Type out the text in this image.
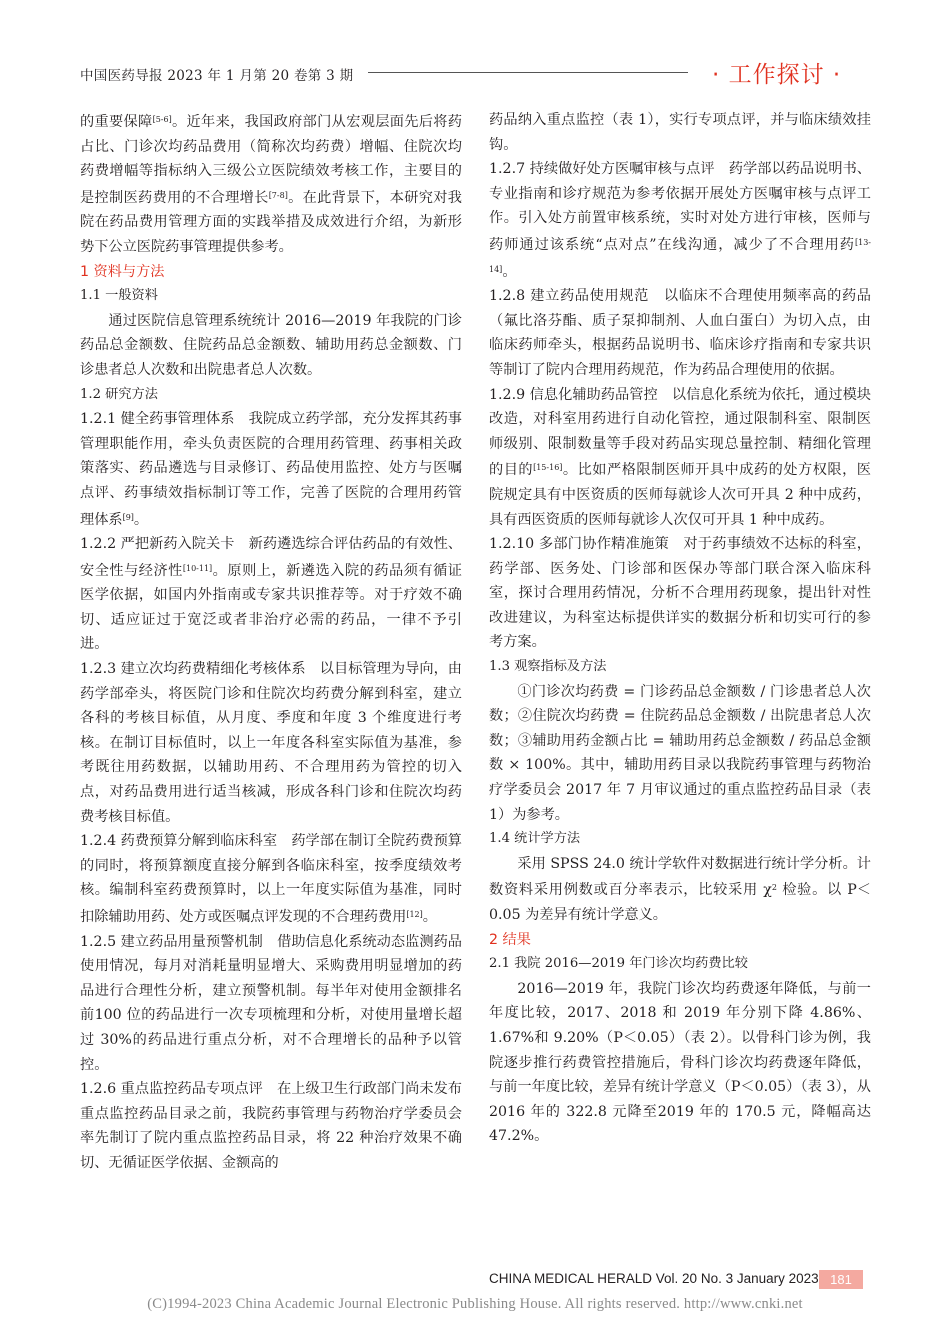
中国医药导报 2023 年 1 月第 20 卷第 3 期	· 工作探讨 ·

的重要保障[5-6]。近年来，我国政府部门从宏观层面先后将药占比、门诊次均药品费用（简称次均药费）增幅、住院次均药费增幅等指标纳入三级公立医院绩效考核工作，主要目的是控制医药费用的不合理增长[7-8]。在此背景下，本研究对我院在药品费用管理方面的实践举措及成效进行介绍，为新形势下公立医院药事管理提供参考。

1 资料与方法

1.1 一般资料

通过医院信息管理系统统计 2016—2019 年我院的门诊药品总金额数、住院药品总金额数、辅助用药总金额数、门诊患者总人次数和出院患者总人次数。

1.2 研究方法

1.2.1 健全药事管理体系　我院成立药学部，充分发挥其药事管理职能作用，牵头负责医院的合理用药管理、药事相关政策落实、药品遴选与目录修订、药品使用监控、处方与医嘱点评、药事绩效指标制订等工作，完善了医院的合理用药管理体系[9]。

1.2.2 严把新药入院关卡　新药遴选综合评估药品的有效性、安全性与经济性[10-11]。原则上，新遴选入院的药品须有循证医学依据，如国内外指南或专家共识推荐等。对于疗效不确切、适应证过于宽泛或者非治疗必需的药品，一律不予引进。

1.2.3 建立次均药费精细化考核体系　以目标管理为导向，由药学部牵头，将医院门诊和住院次均药费分解到科室，建立各科的考核目标值，从月度、季度和年度 3 个维度进行考核。在制订目标值时，以上一年度各科室实际值为基准，参考既往用药数据，以辅助用药、不合理用药为管控的切入点，对药品费用进行适当核减，形成各科门诊和住院次均药费考核目标值。

1.2.4 药费预算分解到临床科室　药学部在制订全院药费预算的同时，将预算额度直接分解到各临床科室，按季度绩效考核。编制科室药费预算时，以上一年度实际值为基准，同时扣除辅助用药、处方或医嘱点评发现的不合理药费用[12]。

1.2.5 建立药品用量预警机制　借助信息化系统动态监测药品使用情况，每月对消耗量明显增大、采购费用明显增加的药品进行合理性分析，建立预警机制。每半年对使用金额排名前100 位的药品进行一次专项梳理和分析，对使用量增长超过 30%的药品进行重点分析，对不合理增长的品种予以管控。

1.2.6 重点监控药品专项点评　在上级卫生行政部门尚未发布重点监控药品目录之前，我院药事管理与药物治疗学委员会率先制订了院内重点监控药品目录，将 22 种治疗效果不确切、无循证医学依据、金额高的

药品纳入重点监控（表 1），实行专项点评，并与临床绩效挂钩。

1.2.7 持续做好处方医嘱审核与点评　药学部以药品说明书、专业指南和诊疗规范为参考依据开展处方医嘱审核与点评工作。引入处方前置审核系统，实时对处方进行审核，医师与药师通过该系统“点对点”在线沟通，减少了不合理用药[13-14]。

1.2.8 建立药品使用规范　以临床不合理使用频率高的药品（氟比洛芬酯、质子泵抑制剂、人血白蛋白）为切入点，由临床药师牵头，根据药品说明书、临床诊疗指南和专家共识等制订了院内合理用药规范，作为药品合理使用的依据。

1.2.9 信息化辅助药品管控　以信息化系统为依托，通过模块改造，对科室用药进行自动化管控，通过限制科室、限制医师级别、限制数量等手段对药品实现总量控制、精细化管理的目的[15-16]。比如严格限制医师开具中成药的处方权限，医院规定具有中医资质的医师每就诊人次可开具 2 种中成药，具有西医资质的医师每就诊人次仅可开具 1 种中成药。

1.2.10 多部门协作精准施策　对于药事绩效不达标的科室，药学部、医务处、门诊部和医保办等部门联合深入临床科室，探讨合理用药情况，分析不合理用药现象，提出针对性改进建议，为科室达标提供详实的数据分析和切实可行的参考方案。

1.3 观察指标及方法

①门诊次均药费 = 门诊药品总金额数 / 门诊患者总人次数；②住院次均药费 = 住院药品总金额数 / 出院患者总人次数；③辅助用药金额占比 = 辅助用药总金额数 / 药品总金额数 × 100%。其中，辅助用药目录以我院药事管理与药物治疗学委员会 2017 年 7 月审议通过的重点监控药品目录（表 1）为参考。

1.4 统计学方法

采用 SPSS 24.0 统计学软件对数据进行统计学分析。计数资料采用例数或百分率表示，比较采用 $\chi^2$ 检验。以 P＜0.05 为差异有统计学意义。

2 结果

2.1 我院 2016—2019 年门诊次均药费比较

2016—2019 年，我院门诊次均药费逐年降低，与前一年度比较，2017、2018 和 2019 年分别下降 4.86%、1.67%和 9.20%（P＜0.05）（表 2）。以骨科门诊为例，我院逐步推行药费管控措施后，骨科门诊次均药费逐年降低，与前一年度比较，差异有统计学意义（P＜0.05）（表 3），从 2016 年的 322.8 元降至2019 年的 170.5 元，降幅高达 47.2%。

CHINA MEDICAL HERALD Vol. 20 No. 3 January 2023 181
(C)1994-2023 China Academic Journal Electronic Publishing House. All rights reserved. http://www.cnki.net
